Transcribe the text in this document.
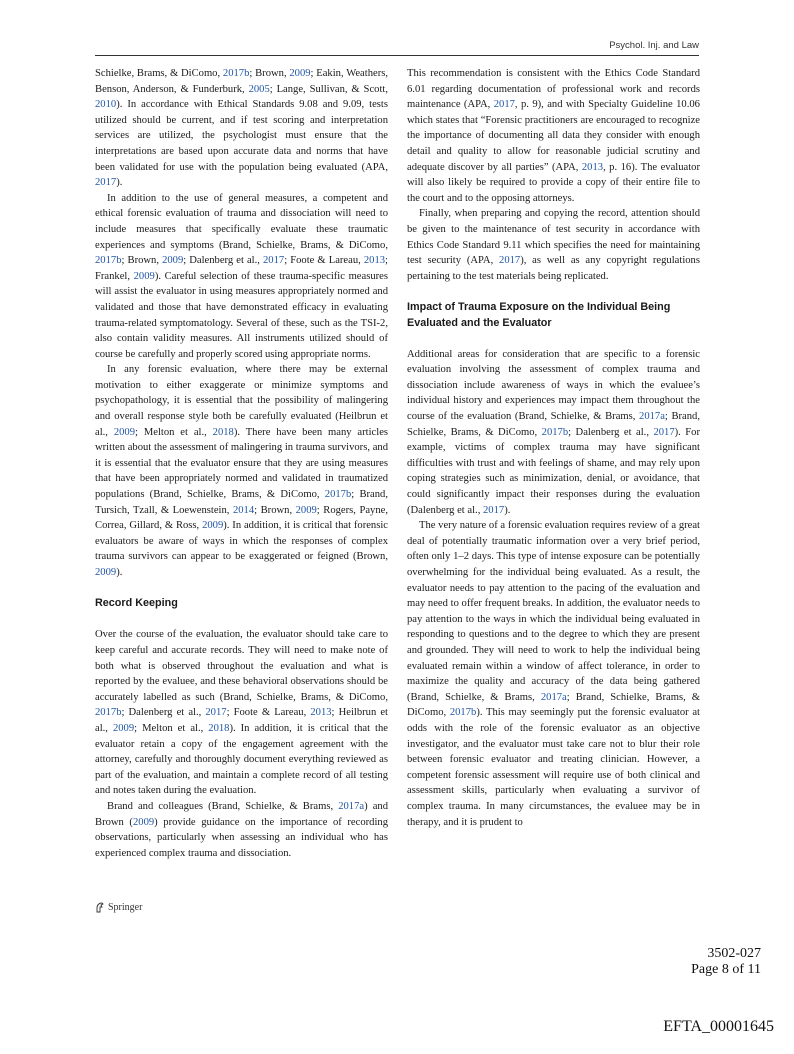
Psychol. Inj. and Law

Schielke, Brams, & DiComo, 2017b; Brown, 2009; Eakin, Weathers, Benson, Anderson, & Funderburk, 2005; Lange, Sullivan, & Scott, 2010). In accordance with Ethical Standards 9.08 and 9.09, tests utilized should be current, and if test scoring and interpretation services are utilized, the psychologist must ensure that the interpretations are based upon accurate data and norms that have been validated for use with the population being evaluated (APA, 2017).

In addition to the use of general measures, a competent and ethical forensic evaluation of trauma and dissociation will need to include measures that specifically evaluate these traumatic experiences and symptoms (Brand, Schielke, Brams, & DiComo, 2017b; Brown, 2009; Dalenberg et al., 2017; Foote & Lareau, 2013; Frankel, 2009). Careful selection of these trauma-specific measures will assist the evaluator in using measures appropriately normed and validated and those that have demonstrated efficacy in evaluating trauma-related symptomatology. Several of these, such as the TSI-2, also contain validity measures. All instruments utilized should of course be carefully and properly scored using appropriate norms.

In any forensic evaluation, where there may be external motivation to either exaggerate or minimize symptoms and psychopathology, it is essential that the possibility of malingering and overall response style both be carefully evaluated (Heilbrun et al., 2009; Melton et al., 2018). There have been many articles written about the assessment of malingering in trauma survivors, and it is essential that the evaluator ensure that they are using measures that have been appropriately normed and validated in traumatized populations (Brand, Schielke, Brams, & DiComo, 2017b; Brand, Tursich, Tzall, & Loewenstein, 2014; Brown, 2009; Rogers, Payne, Correa, Gillard, & Ross, 2009). In addition, it is critical that forensic evaluators be aware of ways in which the responses of complex trauma survivors can appear to be exaggerated or feigned (Brown, 2009).

Record Keeping

Over the course of the evaluation, the evaluator should take care to keep careful and accurate records. They will need to make note of both what is observed throughout the evaluation and what is reported by the evaluee, and these behavioral observations should be accurately labelled as such (Brand, Schielke, Brams, & DiComo, 2017b; Dalenberg et al., 2017; Foote & Lareau, 2013; Heilbrun et al., 2009; Melton et al., 2018). In addition, it is critical that the evaluator retain a copy of the engagement agreement with the attorney, carefully and thoroughly document everything reviewed as part of the evaluation, and maintain a complete record of all testing and notes taken during the evaluation.

Brand and colleagues (Brand, Schielke, & Brams, 2017a) and Brown (2009) provide guidance on the importance of recording observations, particularly when assessing an individual who has experienced complex trauma and dissociation.

This recommendation is consistent with the Ethics Code Standard 6.01 regarding documentation of professional work and records maintenance (APA, 2017, p. 9), and with Specialty Guideline 10.06 which states that “Forensic practitioners are encouraged to recognize the importance of documenting all data they consider with enough detail and quality to allow for reasonable judicial scrutiny and adequate discover by all parties” (APA, 2013, p. 16). The evaluator will also likely be required to provide a copy of their entire file to the court and to the opposing attorneys.

Finally, when preparing and copying the record, attention should be given to the maintenance of test security in accordance with Ethics Code Standard 9.11 which specifies the need for maintaining test security (APA, 2017), as well as any copyright regulations pertaining to the test materials being replicated.

Impact of Trauma Exposure on the Individual Being Evaluated and the Evaluator

Additional areas for consideration that are specific to a forensic evaluation involving the assessment of complex trauma and dissociation include awareness of ways in which the evaluee’s individual history and experiences may impact them throughout the course of the evaluation (Brand, Schielke, & Brams, 2017a; Brand, Schielke, Brams, & DiComo, 2017b; Dalenberg et al., 2017). For example, victims of complex trauma may have significant difficulties with trust and with feelings of shame, and may rely upon coping strategies such as minimization, denial, or avoidance, that could significantly impact their responses during the evaluation (Dalenberg et al., 2017).

The very nature of a forensic evaluation requires review of a great deal of potentially traumatic information over a very brief period, often only 1–2 days. This type of intense exposure can be potentially overwhelming for the individual being evaluated. As a result, the evaluator needs to pay attention to the pacing of the evaluation and may need to offer frequent breaks. In addition, the evaluator needs to pay attention to the ways in which the individual being evaluated in responding to questions and to the degree to which they are present and grounded. They will need to work to help the individual being evaluated remain within a window of affect tolerance, in order to maximize the quality and accuracy of the data being gathered (Brand, Schielke, & Brams, 2017a; Brand, Schielke, Brams, & DiComo, 2017b). This may seemingly put the forensic evaluator at odds with the role of the forensic evaluator as an objective investigator, and the evaluator must take care not to blur their role between forensic evaluator and treating clinician. However, a competent forensic assessment will require use of both clinical and assessment skills, particularly when evaluating a survivor of complex trauma. In many circumstances, the evaluee may be in therapy, and it is prudent to

Springer
3502-027
Page 8 of 11
EFTA_00001645
